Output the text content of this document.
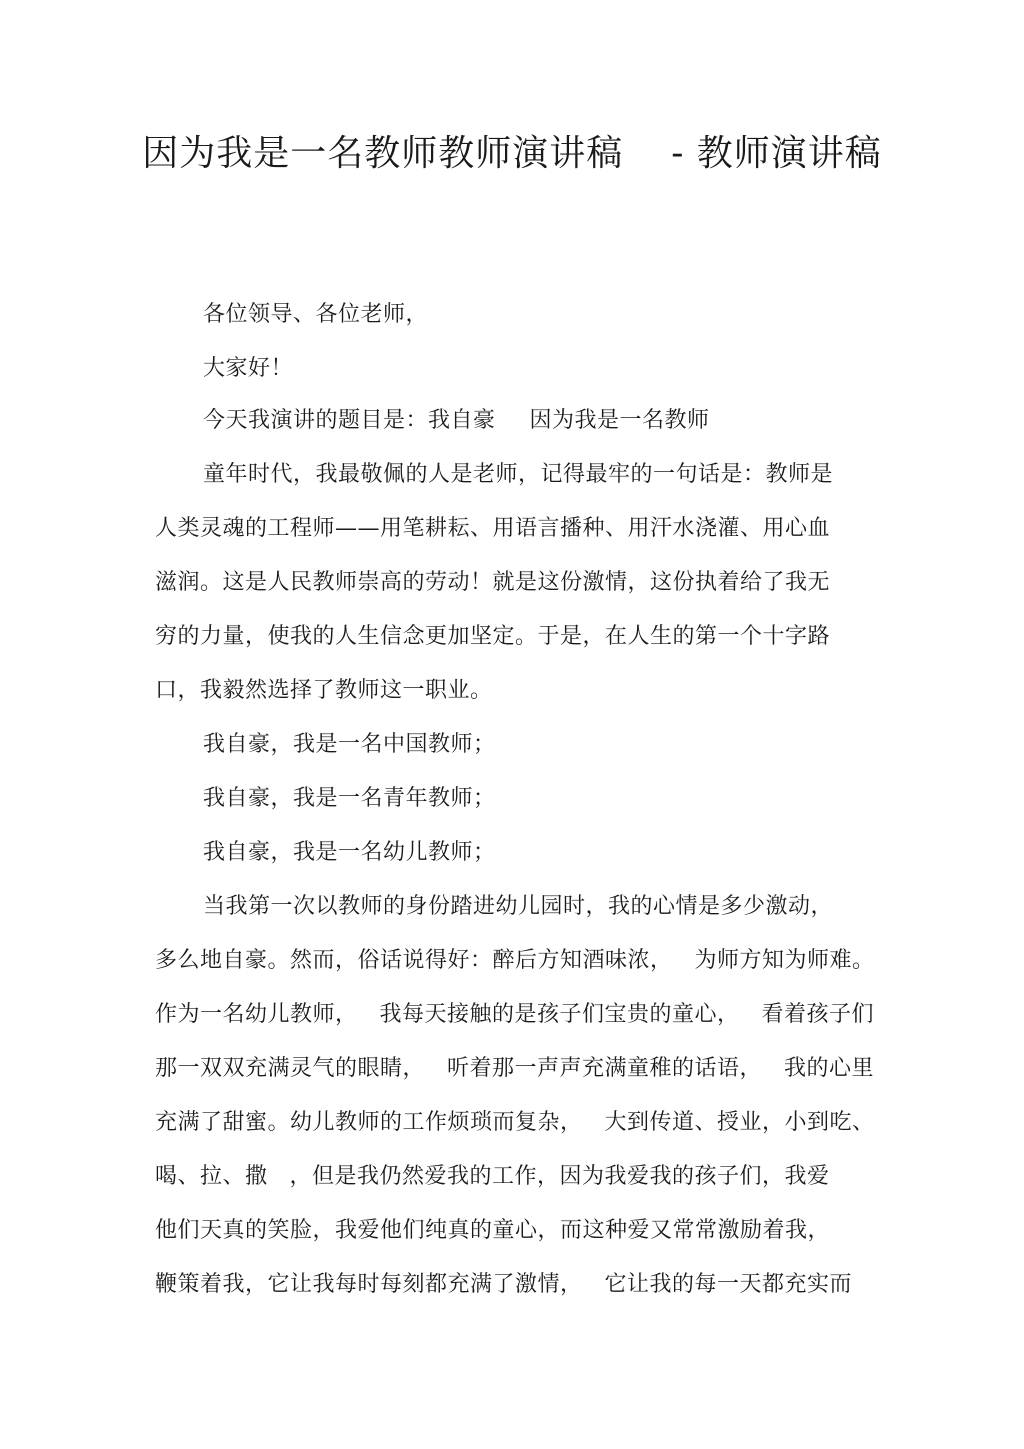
因为我是一名教师教师演讲稿 - 教师演讲稿
各位领导、各位老师，
大家好！
今天我演讲的题目是：我自豪 因为我是一名教师
童年时代，我最敬佩的人是老师，记得最牢的一句话是：教师是
人类灵魂的工程师——用笔耕耘、用语言播种、用汗水浇灌、用心血
滋润。这是人民教师崇高的劳动！就是这份激情，这份执着给了我无
穷的力量，使我的人生信念更加坚定。于是，在人生的第一个十字路
口，我毅然选择了教师这一职业。
我自豪，我是一名中国教师；
我自豪，我是一名青年教师；
我自豪，我是一名幼儿教师；
当我第一次以教师的身份踏进幼儿园时，我的心情是多少激动，
多么地自豪。然而，俗话说得好：醉后方知酒味浓， 为师方知为师难。
作为一名幼儿教师， 我每天接触的是孩子们宝贵的童心， 看着孩子们
那一双双充满灵气的眼睛， 听着那一声声充满童稚的话语， 我的心里
充满了甜蜜。幼儿教师的工作烦琐而复杂， 大到传道、授业，小到吃、
喝、拉、撒 ，但是我仍然爱我的工作，因为我爱我的孩子们，我爱
他们天真的笑脸，我爱他们纯真的童心，而这种爱又常常激励着我，
鞭策着我，它让我每时每刻都充满了激情， 它让我的每一天都充实而
